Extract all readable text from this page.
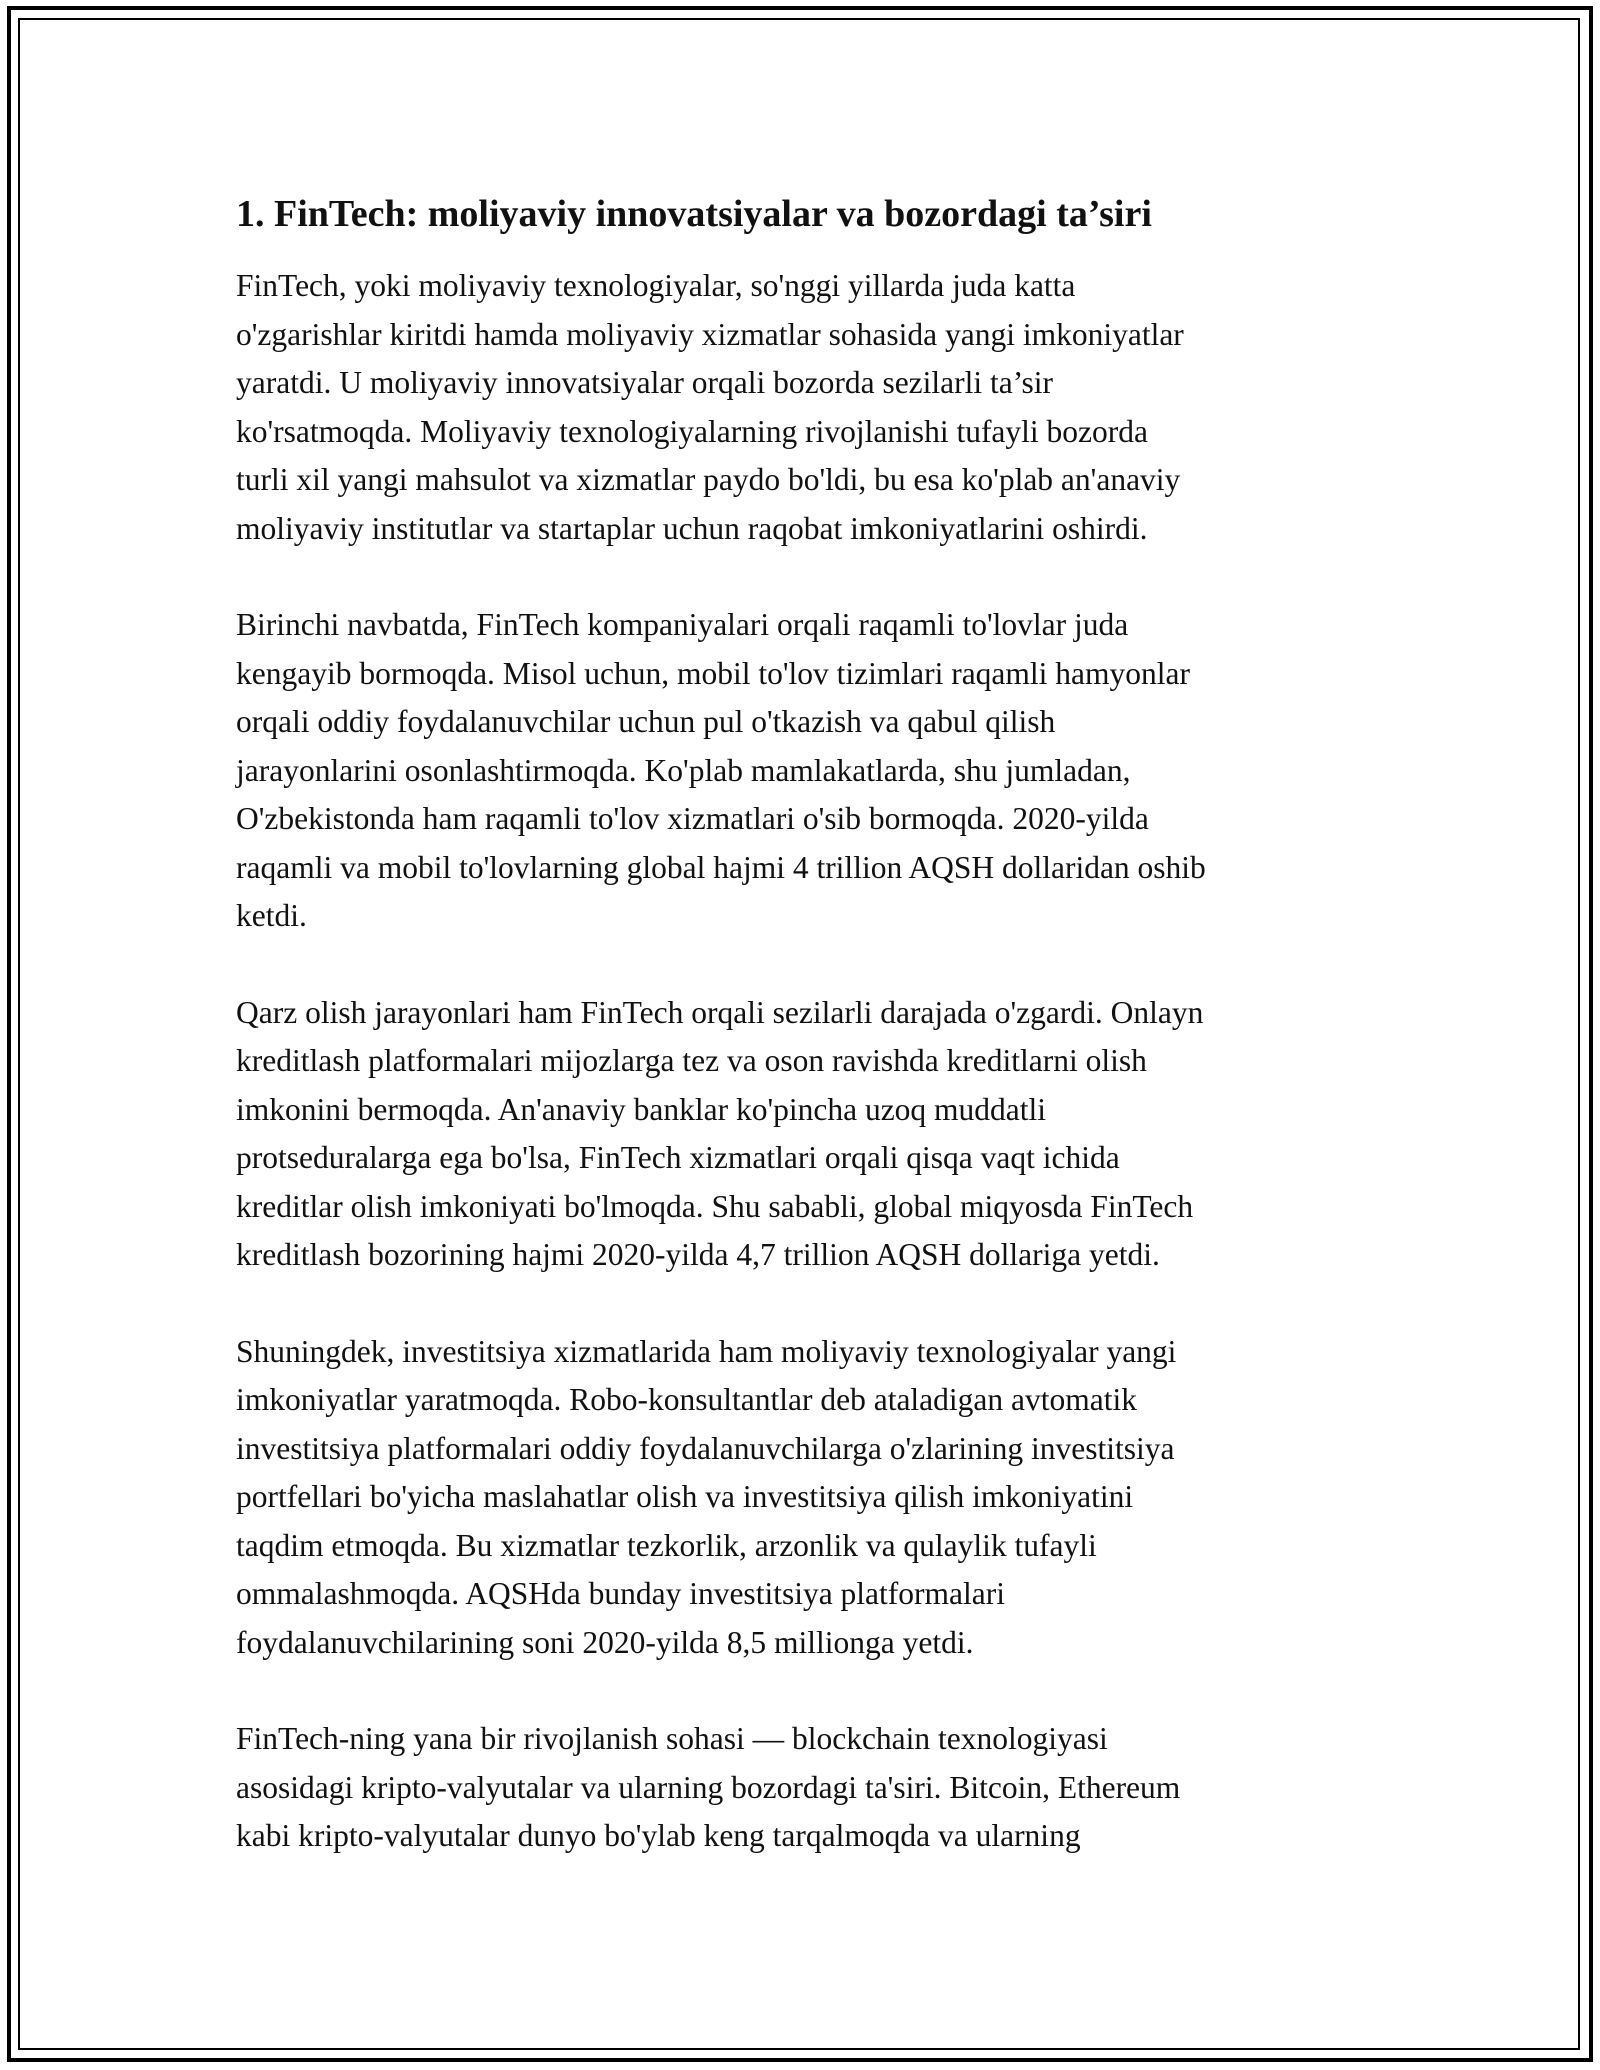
1. FinTech: moliyaviy innovatsiyalar va bozordagi ta’siri

FinTech, yoki moliyaviy texnologiyalar, so'nggi yillarda juda katta
o'zgarishlar kiritdi hamda moliyaviy xizmatlar sohasida yangi imkoniyatlar
yaratdi. U moliyaviy innovatsiyalar orqali bozorda sezilarli ta’sir
ko'rsatmoqda. Moliyaviy texnologiyalarning rivojlanishi tufayli bozorda
turli xil yangi mahsulot va xizmatlar paydo bo'ldi, bu esa ko'plab an'anaviy
moliyaviy institutlar va startaplar uchun raqobat imkoniyatlarini oshirdi.

Birinchi navbatda, FinTech kompaniyalari orqali raqamli to'lovlar juda
kengayib bormoqda. Misol uchun, mobil to'lov tizimlari raqamli hamyonlar
orqali oddiy foydalanuvchilar uchun pul o'tkazish va qabul qilish
jarayonlarini osonlashtirmoqda. Ko'plab mamlakatlarda, shu jumladan,
O'zbekistonda ham raqamli to'lov xizmatlari o'sib bormoqda. 2020-yilda
raqamli va mobil to'lovlarning global hajmi 4 trillion AQSH dollaridan oshib
ketdi.

Qarz olish jarayonlari ham FinTech orqali sezilarli darajada o'zgardi. Onlayn
kreditlash platformalari mijozlarga tez va oson ravishda kreditlarni olish
imkonini bermoqda. An'anaviy banklar ko'pincha uzoq muddatli
protseduralarga ega bo'lsa, FinTech xizmatlari orqali qisqa vaqt ichida
kreditlar olish imkoniyati bo'lmoqda. Shu sababli, global miqyosda FinTech
kreditlash bozorining hajmi 2020-yilda 4,7 trillion AQSH dollariga yetdi.

Shuningdek, investitsiya xizmatlarida ham moliyaviy texnologiyalar yangi
imkoniyatlar yaratmoqda. Robo-konsultantlar deb ataladigan avtomatik
investitsiya platformalari oddiy foydalanuvchilarga o'zlarining investitsiya
portfellari bo'yicha maslahatlar olish va investitsiya qilish imkoniyatini
taqdim etmoqda. Bu xizmatlar tezkorlik, arzonlik va qulaylik tufayli
ommalashmoqda. AQSHda bunday investitsiya platformalari
foydalanuvchilarining soni 2020-yilda 8,5 millionga yetdi.

FinTech-ning yana bir rivojlanish sohasi — blockchain texnologiyasi
asosidagi kripto-valyutalar va ularning bozordagi ta'siri. Bitcoin, Ethereum
kabi kripto-valyutalar dunyo bo'ylab keng tarqalmoqda va ularning
